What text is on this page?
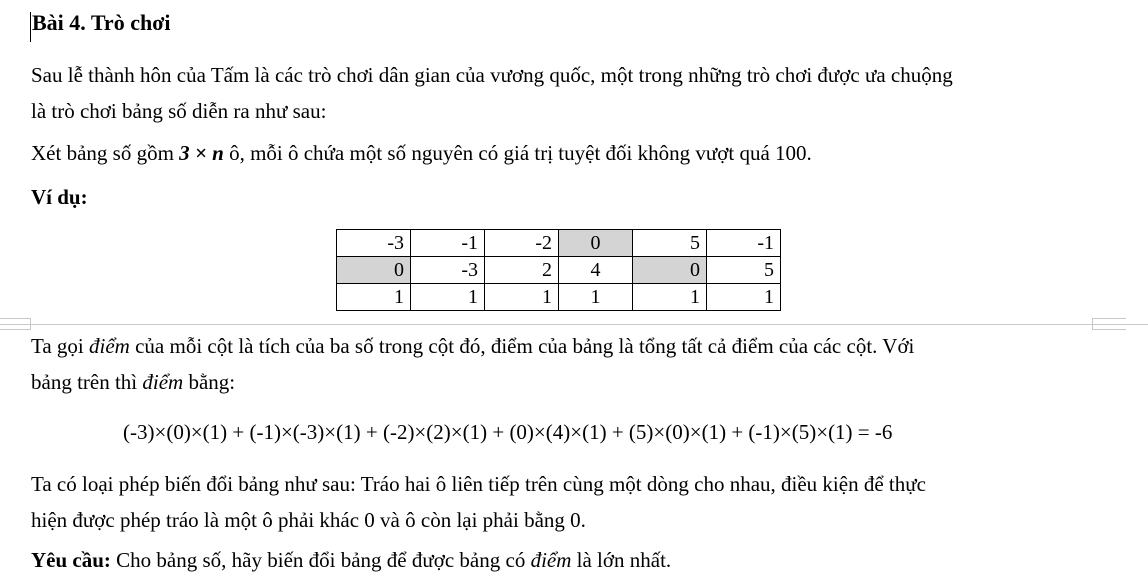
Bài 4. Trò chơi
Sau lễ thành hôn của Tấm là các trò chơi dân gian của vương quốc, một trong những trò chơi được ưa chuộng
là trò chơi bảng số diễn ra như sau:
Xét bảng số gồm 3 × n ô, mỗi ô chứa một số nguyên có giá trị tuyệt đối không vượt quá 100.
Ví dụ:
-3	-1	-2	0	5	-1
0	-3	2	4	0	5
1	1	1	1	1	1
Ta gọi điểm của mỗi cột là tích của ba số trong cột đó, điểm của bảng là tổng tất cả điểm của các cột. Với
bảng trên thì điểm bằng:
(-3)×(0)×(1) + (-1)×(-3)×(1) + (-2)×(2)×(1) + (0)×(4)×(1) + (5)×(0)×(1) + (-1)×(5)×(1) = -6
Ta có loại phép biến đổi bảng như sau: Tráo hai ô liên tiếp trên cùng một dòng cho nhau, điều kiện để thực
hiện được phép tráo là một ô phải khác 0 và ô còn lại phải bằng 0.
Yêu cầu: Cho bảng số, hãy biến đổi bảng để được bảng có điểm là lớn nhất.
